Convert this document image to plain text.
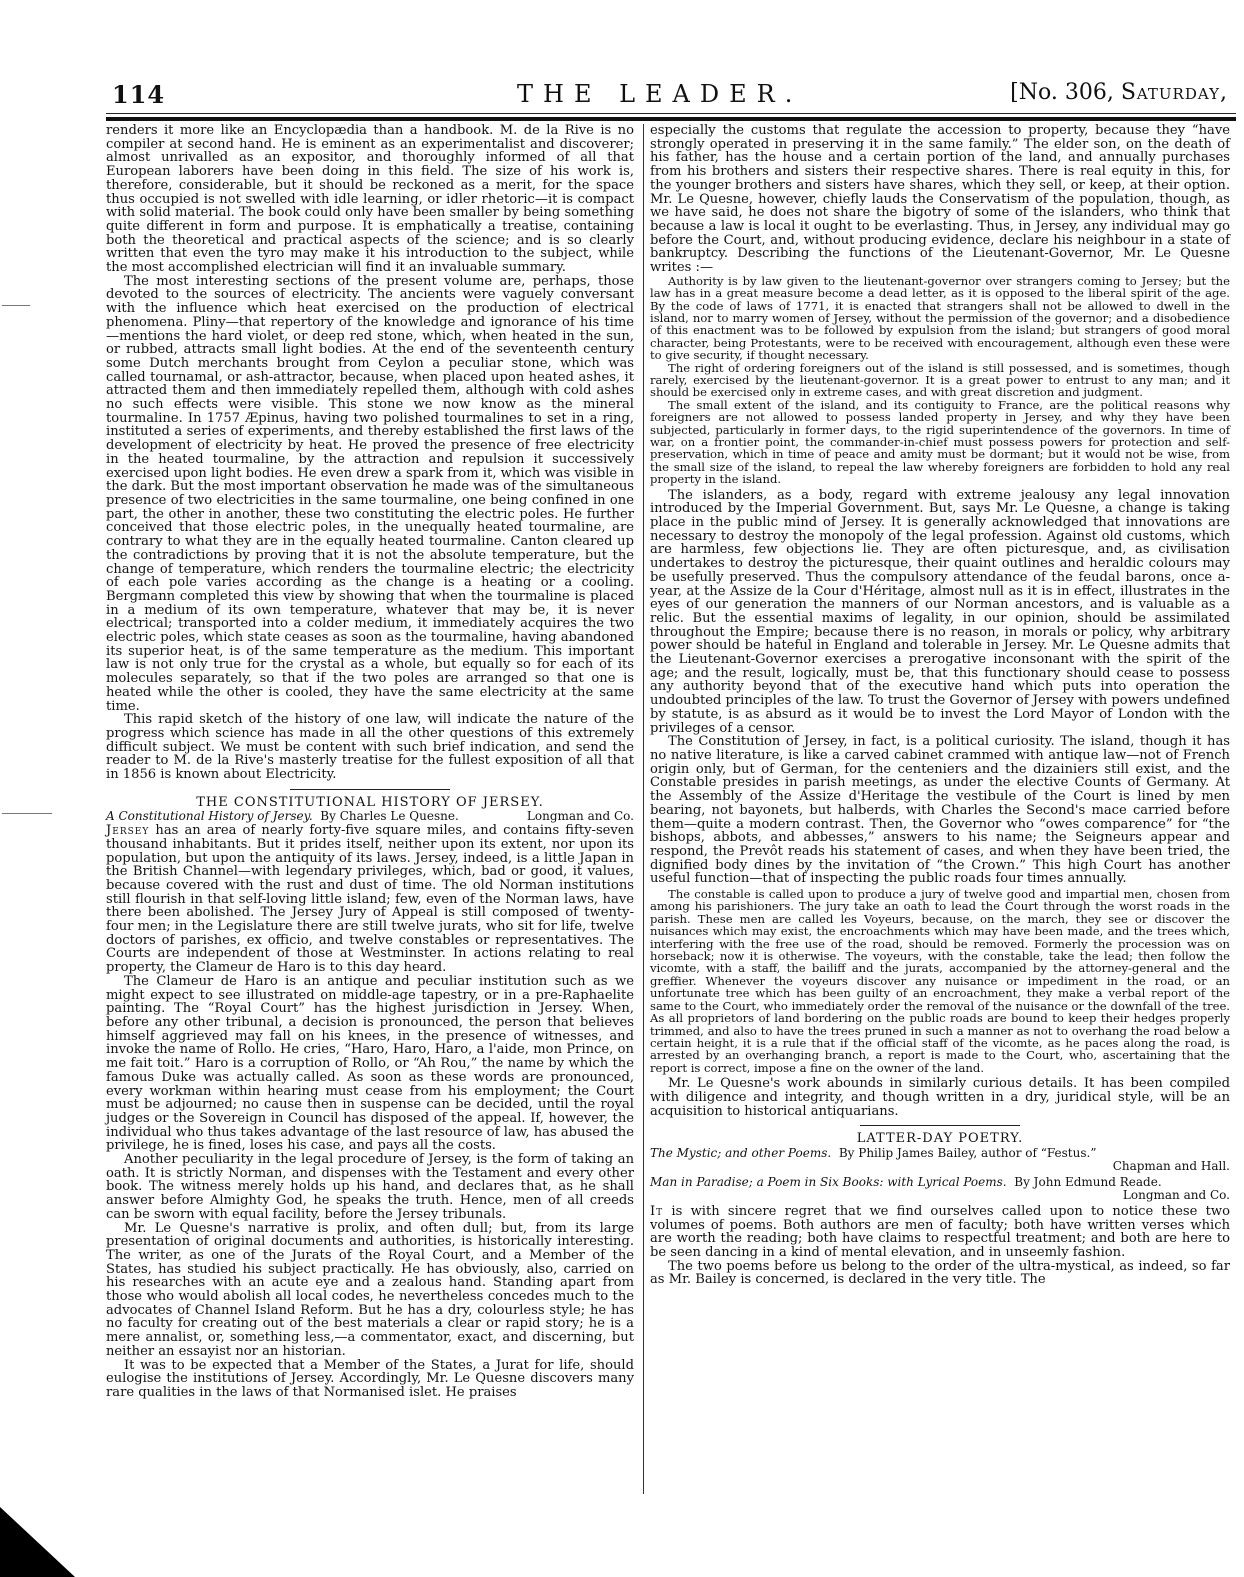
114	THE LEADER.	[No. 306, Saturday,

renders it more like an Encyclopædia than a handbook. M. de la Rive is no compiler at second hand. He is eminent as an experimentalist and discoverer; almost unrivalled as an expositor, and thoroughly informed of all that European laborers have been doing in this field. The size of his work is, therefore, considerable, but it should be reckoned as a merit, for the space thus occupied is not swelled with idle learning, or idler rhetoric—it is compact with solid material. The book could only have been smaller by being something quite different in form and purpose. It is emphatically a treatise, containing both the theoretical and practical aspects of the science; and is so clearly written that even the tyro may make it his introduction to the subject, while the most accomplished electrician will find it an invaluable summary.

The most interesting sections of the present volume are, perhaps, those devoted to the sources of electricity. The ancients were vaguely conversant with the influence which heat exercised on the production of electrical phenomena. Pliny—that repertory of the knowledge and ignorance of his time—mentions the hard violet, or deep red stone, which, when heated in the sun, or rubbed, attracts small light bodies. At the end of the seventeenth century some Dutch merchants brought from Ceylon a peculiar stone, which was called tournamal, or ash-attractor, because, when placed upon heated ashes, it attracted them and then immediately repelled them, although with cold ashes no such effects were visible. This stone we now know as the mineral tourmaline. In 1757 Æpinus, having two polished tourmalines to set in a ring, instituted a series of experiments, and thereby established the first laws of the development of electricity by heat. He proved the presence of free electricity in the heated tourmaline, by the attraction and repulsion it successively exercised upon light bodies. He even drew a spark from it, which was visible in the dark. But the most important observation he made was of the simultaneous presence of two electricities in the same tourmaline, one being confined in one part, the other in another, these two constituting the electric poles. He further conceived that those electric poles, in the unequally heated tourmaline, are contrary to what they are in the equally heated tourmaline. Canton cleared up the contradictions by proving that it is not the absolute temperature, but the change of temperature, which renders the tourmaline electric; the electricity of each pole varies according as the change is a heating or a cooling. Bergmann completed this view by showing that when the tourmaline is placed in a medium of its own temperature, whatever that may be, it is never electrical; transported into a colder medium, it immediately acquires the two electric poles, which state ceases as soon as the tourmaline, having abandoned its superior heat, is of the same temperature as the medium. This important law is not only true for the crystal as a whole, but equally so for each of its molecules separately, so that if the two poles are arranged so that one is heated while the other is cooled, they have the same electricity at the same time.

This rapid sketch of the history of one law, will indicate the nature of the progress which science has made in all the other questions of this extremely difficult subject. We must be content with such brief indication, and send the reader to M. de la Rive's masterly treatise for the fullest exposition of all that in 1856 is known about Electricity.

THE CONSTITUTIONAL HISTORY OF JERSEY.
A Constitutional History of Jersey. By Charles Le Quesne.	Longman and Co.

Jersey has an area of nearly forty-five square miles, and contains fifty-seven thousand inhabitants. But it prides itself, neither upon its extent, nor upon its population, but upon the antiquity of its laws. Jersey, indeed, is a little Japan in the British Channel—with legendary privileges, which, bad or good, it values, because covered with the rust and dust of time. The old Norman institutions still flourish in that self-loving little island; few, even of the Norman laws, have there been abolished. The Jersey Jury of Appeal is still composed of twenty-four men; in the Legislature there are still twelve jurats, who sit for life, twelve doctors of parishes, ex officio, and twelve constables or representatives. The Courts are independent of those at Westminster. In actions relating to real property, the Clameur de Haro is to this day heard.

The Clameur de Haro is an antique and peculiar institution such as we might expect to see illustrated on middle-age tapestry, or in a pre-Raphaelite painting. The “Royal Court” has the highest jurisdiction in Jersey. When, before any other tribunal, a decision is pronounced, the person that believes himself aggrieved may fall on his knees, in the presence of witnesses, and invoke the name of Rollo. He cries, “Haro, Haro, Haro, a l'aide, mon Prince, on me fait toit.” Haro is a corruption of Rollo, or “Ah Rou,” the name by which the famous Duke was actually called. As soon as these words are pronounced, every workman within hearing must cease from his employment; the Court must be adjourned; no cause then in suspense can be decided, until the royal judges or the Sovereign in Council has disposed of the appeal. If, however, the individual who thus takes advantage of the last resource of law, has abused the privilege, he is fined, loses his case, and pays all the costs.

Another peculiarity in the legal procedure of Jersey, is the form of taking an oath. It is strictly Norman, and dispenses with the Testament and every other book. The witness merely holds up his hand, and declares that, as he shall answer before Almighty God, he speaks the truth. Hence, men of all creeds can be sworn with equal facility, before the Jersey tribunals.

Mr. Le Quesne's narrative is prolix, and often dull; but, from its large presentation of original documents and authorities, is historically interesting. The writer, as one of the Jurats of the Royal Court, and a Member of the States, has studied his subject practically. He has obviously, also, carried on his researches with an acute eye and a zealous hand. Standing apart from those who would abolish all local codes, he nevertheless concedes much to the advocates of Channel Island Reform. But he has a dry, colourless style; he has no faculty for creating out of the best materials a clear or rapid story; he is a mere annalist, or, something less,—a commentator, exact, and discerning, but neither an essayist nor an historian.

It was to be expected that a Member of the States, a Jurat for life, should eulogise the institutions of Jersey. Accordingly, Mr. Le Quesne discovers many rare qualities in the laws of that Normanised islet. He praises

especially the customs that regulate the accession to property, because they “have strongly operated in preserving it in the same family.” The elder son, on the death of his father, has the house and a certain portion of the land, and annually purchases from his brothers and sisters their respective shares. There is real equity in this, for the younger brothers and sisters have shares, which they sell, or keep, at their option. Mr. Le Quesne, however, chiefly lauds the Conservatism of the population, though, as we have said, he does not share the bigotry of some of the islanders, who think that because a law is local it ought to be everlasting. Thus, in Jersey, any individual may go before the Court, and, without producing evidence, declare his neighbour in a state of bankruptcy. Describing the functions of the Lieutenant-Governor, Mr. Le Quesne writes :—

Authority is by law given to the lieutenant-governor over strangers coming to Jersey; but the law has in a great measure become a dead letter, as it is opposed to the liberal spirit of the age. By the code of laws of 1771, it is enacted that strangers shall not be allowed to dwell in the island, nor to marry women of Jersey, without the permission of the governor; and a disobedience of this enactment was to be followed by expulsion from the island; but strangers of good moral character, being Protestants, were to be received with encouragement, although even these were to give security, if thought necessary.

The right of ordering foreigners out of the island is still possessed, and is sometimes, though rarely, exercised by the lieutenant-governor. It is a great power to entrust to any man; and it should be exercised only in extreme cases, and with great discretion and judgment.

The small extent of the island, and its contiguity to France, are the political reasons why foreigners are not allowed to possess landed property in Jersey, and why they have been subjected, particularly in former days, to the rigid superintendence of the governors. In time of war, on a frontier point, the commander-in-chief must possess powers for protection and self-preservation, which in time of peace and amity must be dormant; but it would not be wise, from the small size of the island, to repeal the law whereby foreigners are forbidden to hold any real property in the island.

The islanders, as a body, regard with extreme jealousy any legal innovation introduced by the Imperial Government. But, says Mr. Le Quesne, a change is taking place in the public mind of Jersey. It is generally acknowledged that innovations are necessary to destroy the monopoly of the legal profession. Against old customs, which are harmless, few objections lie. They are often picturesque, and, as civilisation undertakes to destroy the picturesque, their quaint outlines and heraldic colours may be usefully preserved. Thus the compulsory attendance of the feudal barons, once a-year, at the Assize de la Cour d'Héritage, almost null as it is in effect, illustrates in the eyes of our generation the manners of our Norman ancestors, and is valuable as a relic. But the essential maxims of legality, in our opinion, should be assimilated throughout the Empire; because there is no reason, in morals or policy, why arbitrary power should be hateful in England and tolerable in Jersey. Mr. Le Quesne admits that the Lieutenant-Governor exercises a prerogative inconsonant with the spirit of the age; and the result, logically, must be, that this functionary should cease to possess any authority beyond that of the executive hand which puts into operation the undoubted principles of the law. To trust the Governor of Jersey with powers undefined by statute, is as absurd as it would be to invest the Lord Mayor of London with the privileges of a censor.

The Constitution of Jersey, in fact, is a political curiosity. The island, though it has no native literature, is like a carved cabinet crammed with antique law—not of French origin only, but of German, for the centeniers and the dizainiers still exist, and the Constable presides in parish meetings, as under the elective Counts of Germany. At the Assembly of the Assize d'Heritage the vestibule of the Court is lined by men bearing, not bayonets, but halberds, with Charles the Second's mace carried before them—quite a modern contrast. Then, the Governor who “owes comparence” for “the bishops, abbots, and abbesses,” answers to his name; the Seigneurs appear and respond, the Prevôt reads his statement of cases, and when they have been tried, the dignified body dines by the invitation of “the Crown.” This high Court has another useful function—that of inspecting the public roads four times annually.

The constable is called upon to produce a jury of twelve good and impartial men, chosen from among his parishioners. The jury take an oath to lead the Court through the worst roads in the parish. These men are called les Voyeurs, because, on the march, they see or discover the nuisances which may exist, the encroachments which may have been made, and the trees which, interfering with the free use of the road, should be removed. Formerly the procession was on horseback; now it is otherwise. The voyeurs, with the constable, take the lead; then follow the vicomte, with a staff, the bailiff and the jurats, accompanied by the attorney-general and the greffier. Whenever the voyeurs discover any nuisance or impediment in the road, or an unfortunate tree which has been guilty of an encroachment, they make a verbal report of the same to the Court, who immediately order the removal of the nuisance or the downfall of the tree. As all proprietors of land bordering on the public roads are bound to keep their hedges properly trimmed, and also to have the trees pruned in such a manner as not to overhang the road below a certain height, it is a rule that if the official staff of the vicomte, as he paces along the road, is arrested by an overhanging branch, a report is made to the Court, who, ascertaining that the report is correct, impose a fine on the owner of the land.

Mr. Le Quesne's work abounds in similarly curious details. It has been compiled with diligence and integrity, and though written in a dry, juridical style, will be an acquisition to historical antiquarians.

LATTER-DAY POETRY.
The Mystic; and other Poems. By Philip James Bailey, author of “Festus.”
Chapman and Hall.
Man in Paradise; a Poem in Six Books: with Lyrical Poems. By John Edmund Reade.
Longman and Co.

It is with sincere regret that we find ourselves called upon to notice these two volumes of poems. Both authors are men of faculty; both have written verses which are worth the reading; both have claims to respectful treatment; and both are here to be seen dancing in a kind of mental elevation, and in unseemly fashion.

The two poems before us belong to the order of the ultra-mystical, as indeed, so far as Mr. Bailey is concerned, is declared in the very title. The
